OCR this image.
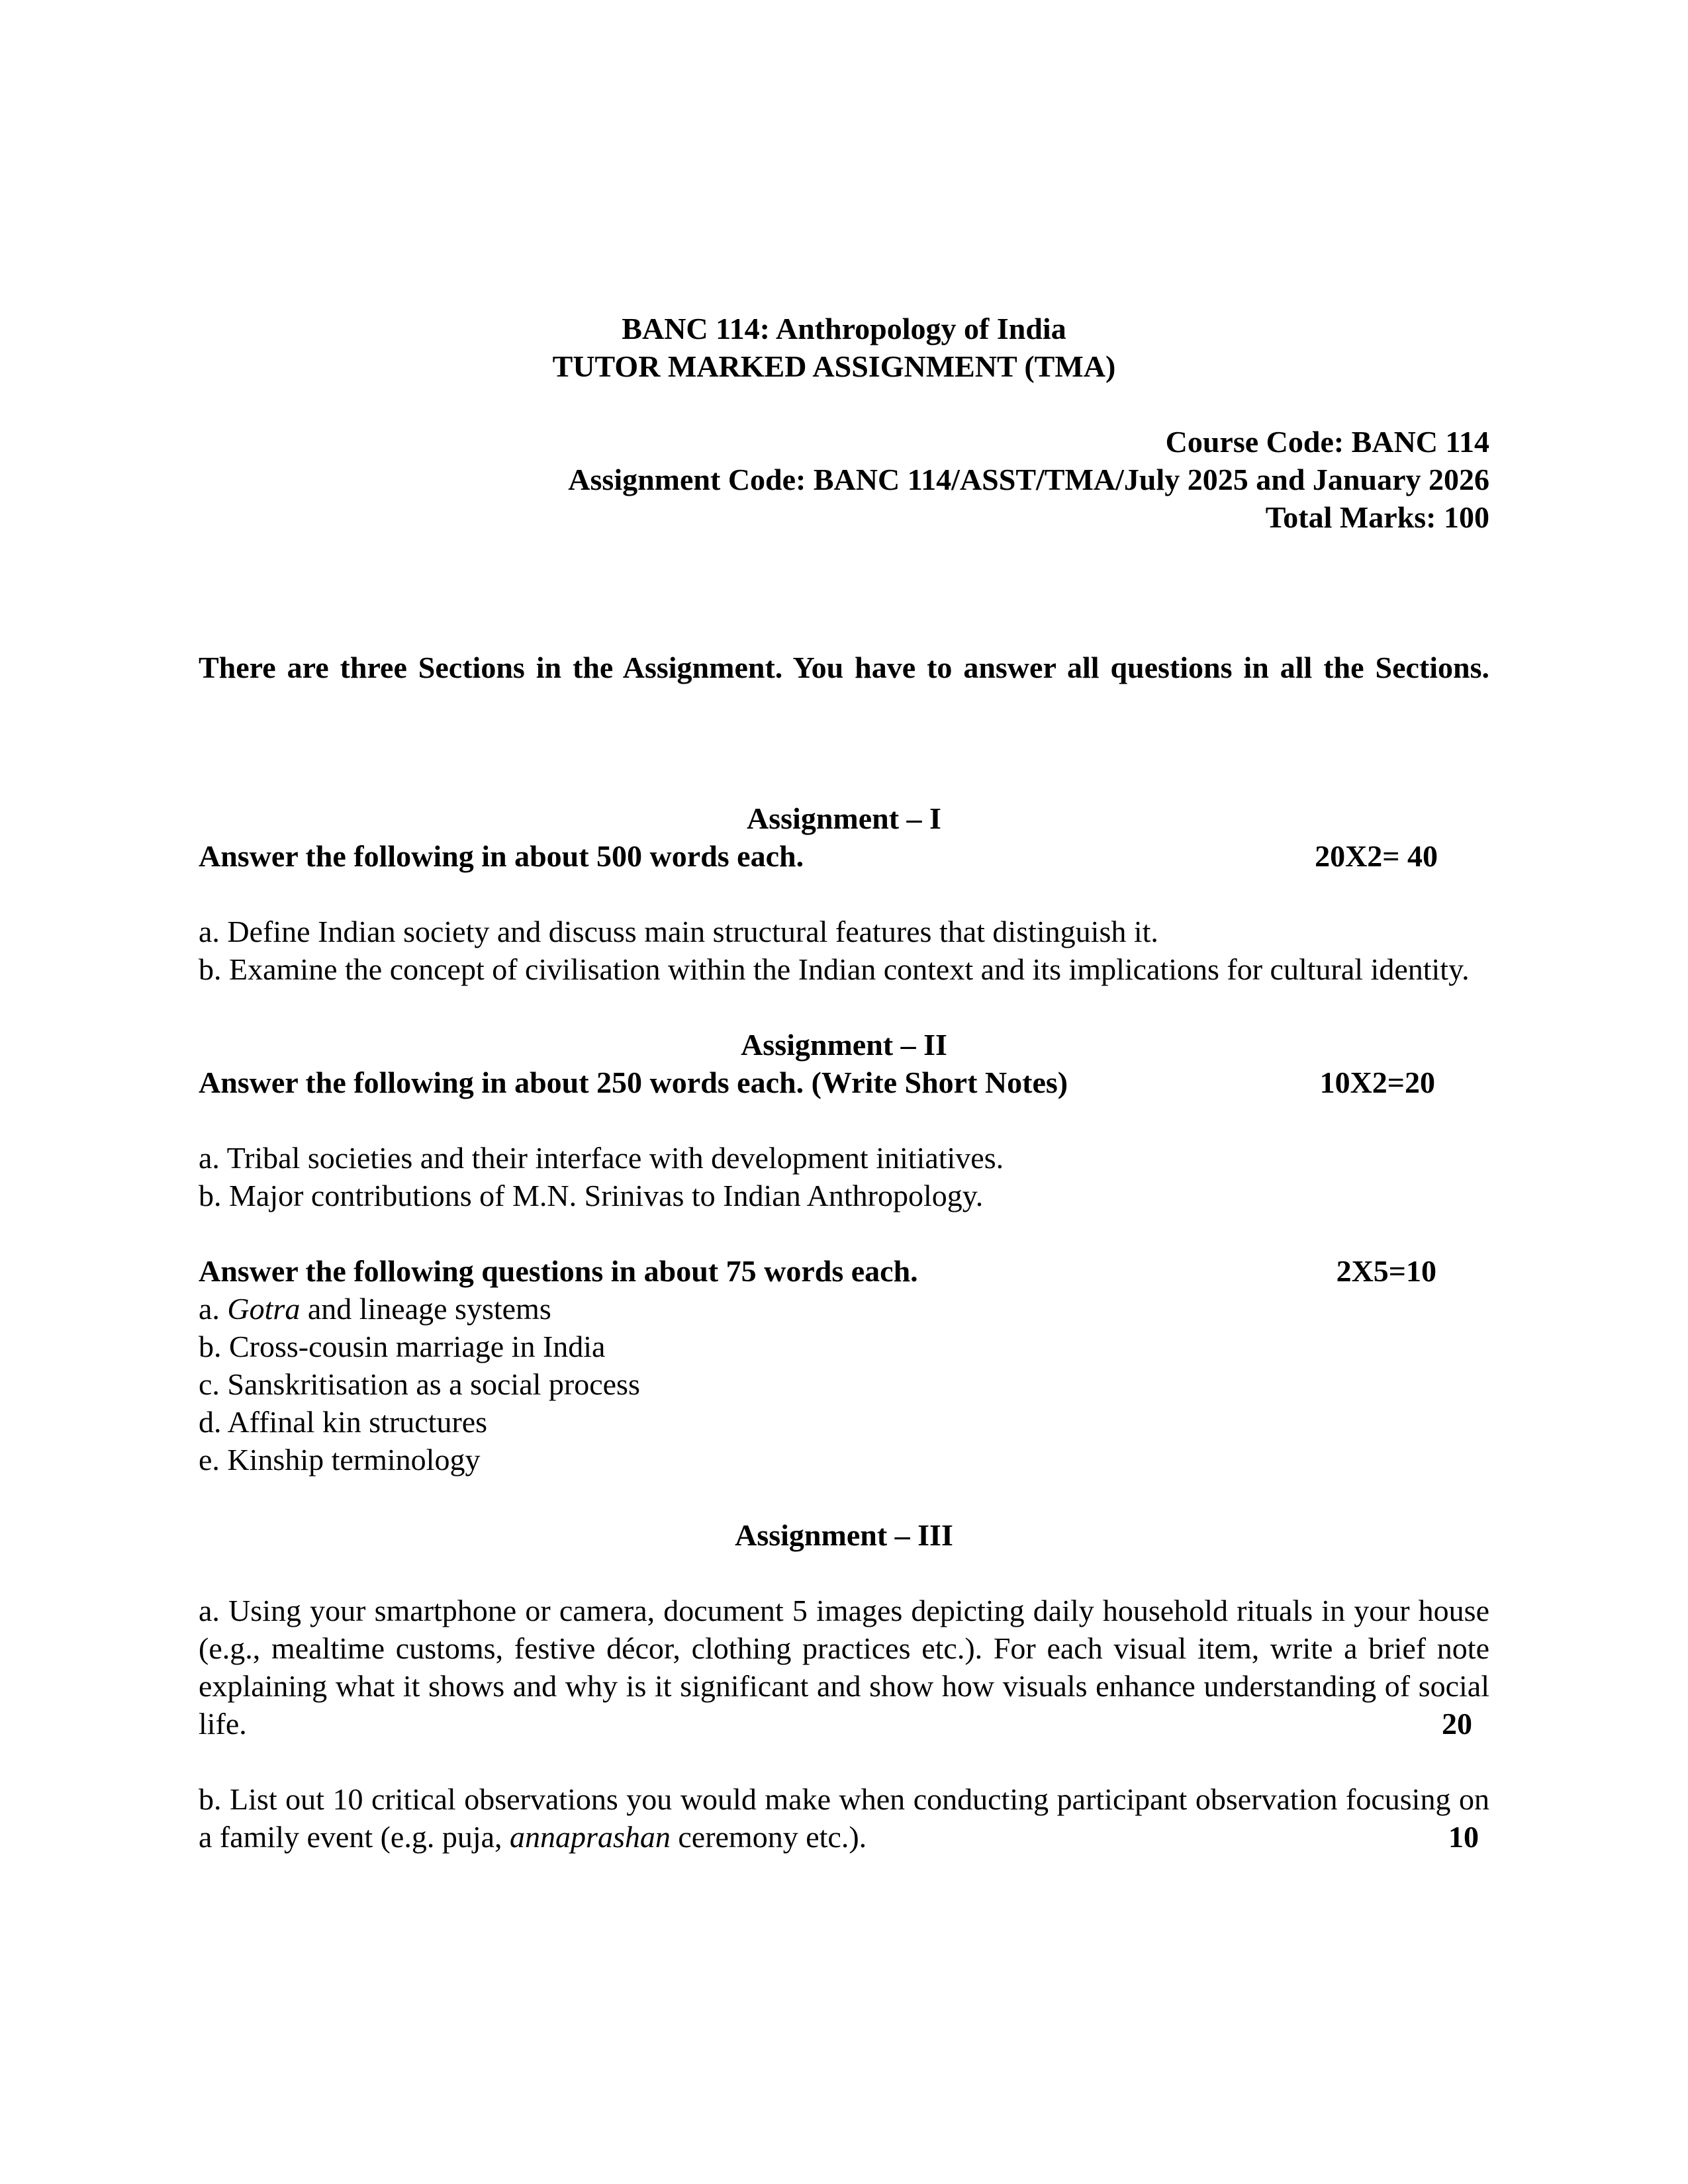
BANC 114: Anthropology of India

TUTOR MARKED ASSIGNMENT (TMA)

Course Code: BANC 114
Assignment Code: BANC 114/ASST/TMA/July 2025 and January 2026
Total Marks: 100

There are three Sections in the Assignment. You have to answer all questions in all the Sections.

Assignment – I
Answer the following in about 500 words each.	20X2= 40

a. Define Indian society and discuss main structural features that distinguish it.

b. Examine the concept of civilisation within the Indian context and its implications for cultural identity.

Assignment – II
Answer the following in about 250 words each. (Write Short Notes)	10X2=20

a. Tribal societies and their interface with development initiatives.

b. Major contributions of M.N. Srinivas to Indian Anthropology.

Answer the following questions in about 75 words each.	2X5=10

a. Gotra and lineage systems

b. Cross-cousin marriage in India

c. Sanskritisation as a social process

d. Affinal kin structures

e. Kinship terminology

Assignment – III

a. Using your smartphone or camera, document 5 images depicting daily household rituals in your house (e.g., mealtime customs, festive décor, clothing practices etc.). For each visual item, write a brief note explaining what it shows and why is it significant and show how visuals enhance understanding of social life.	20

b. List out 10 critical observations you would make when conducting participant observation focusing on a family event (e.g. puja, annaprashan ceremony etc.).	10
